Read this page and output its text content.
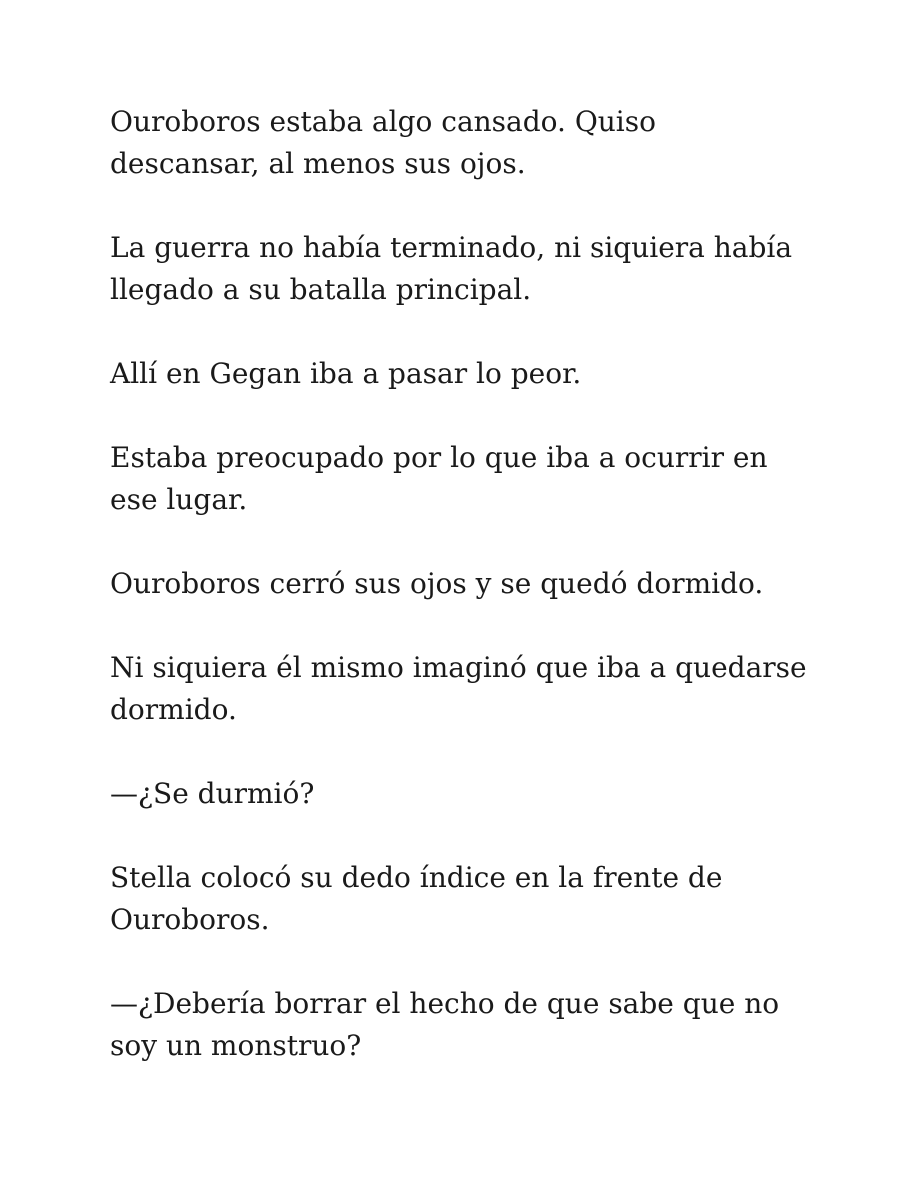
Ouroboros estaba algo cansado. Quiso descansar, al menos sus ojos.

La guerra no había terminado, ni siquiera había llegado a su batalla principal.

Allí en Gegan iba a pasar lo peor.

Estaba preocupado por lo que iba a ocurrir en ese lugar.

Ouroboros cerró sus ojos y se quedó dormido.

Ni siquiera él mismo imaginó que iba a quedarse dormido.

—¿Se durmió?

Stella colocó su dedo índice en la frente de Ouroboros.

—¿Debería borrar el hecho de que sabe que no soy un monstruo?
